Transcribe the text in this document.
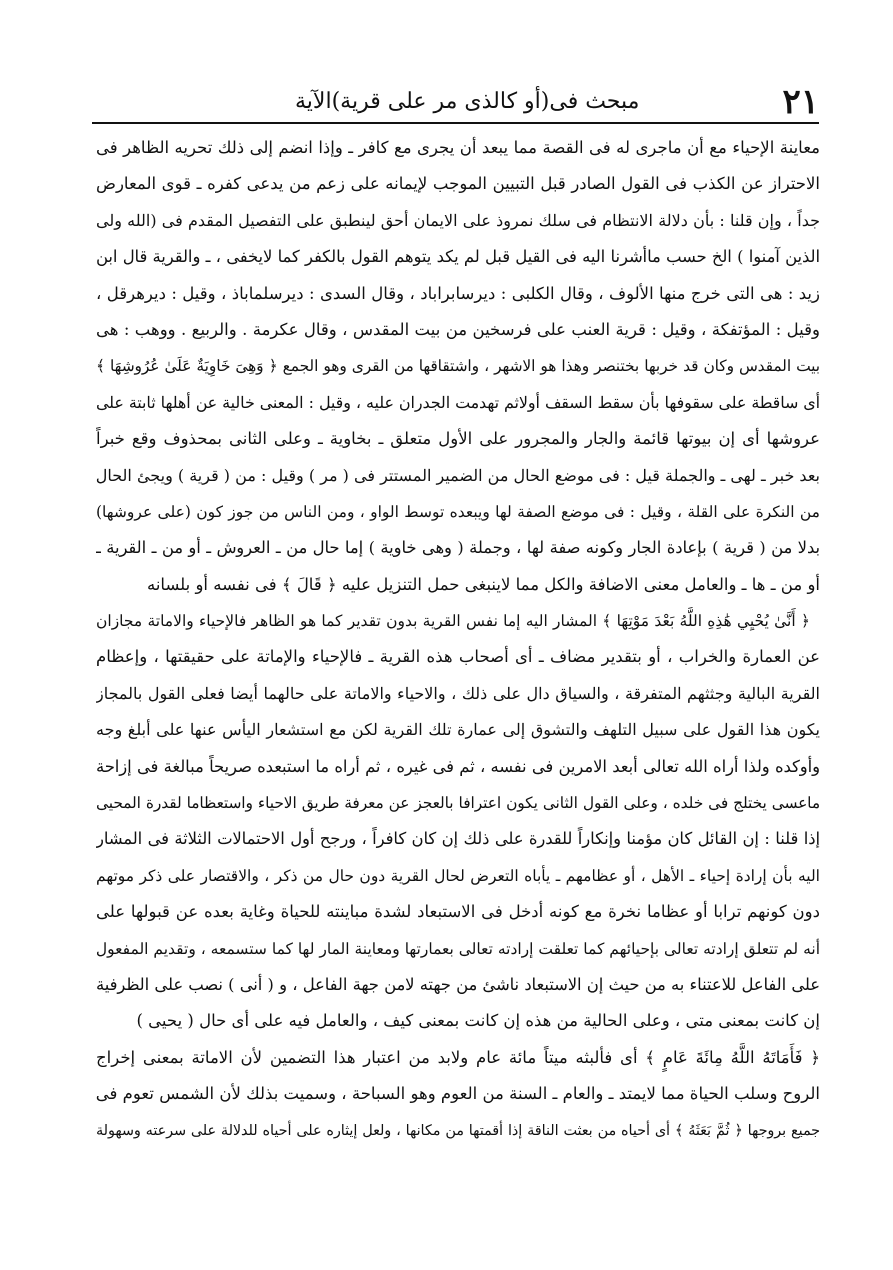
٢١
مبحث فى(أو كالذى مر على قرية)الآية
معاينة الإحياء مع أن ماجرى له فى القصة مما يبعد أن يجرى مع كافر ـ وإذا انضم إلى ذلك تحريه الظاهر فى
الاحتراز عن الكذب فى القول الصادر قبل التبيين الموجب لإيمانه على زعم من يدعى كفره ـ قوى المعارض
جداً ، وإن قلنا : بأن دلالة الانتظام فى سلك نمروذ على الايمان أحق لينطبق على التفصيل المقدم فى (الله ولى
الذين آمنوا ) الخ حسب ماأشرنا اليه فى القيل قبل لم يكد يتوهم القول بالكفر كما لايخفى ، ـ والقرية قال ابن
زيد : هى التى خرج منها الألوف ، وقال الكلبى : ديرسابراباد ، وقال السدى : ديرسلماباذ ، وقيل : ديرهرقل ،
وقيل : المؤتفكة ، وقيل : قرية العنب على فرسخين من بيت المقدس ، وقال عكرمة . والربيع . ووهب : هى
بيت المقدس وكان قد خربها بختنصر وهذا هو الاشهر ، واشتقاقها من القرى وهو الجمع ﴿ وَهِىَ خَاوِيَةٌ عَلَىٰ عُرُوشِهَا ﴾
أى ساقطة على سقوفها بأن سقط السقف أولاثم تهدمت الجدران عليه ، وقيل : المعنى خالية عن أهلها ثابتة على
عروشها أى إن بيوتها قائمة والجار والمجرور على الأول متعلق ـ بخاوية ـ وعلى الثانى بمحذوف وقع خبراً
بعد خبر ـ لهى ـ والجملة قيل : فى موضع الحال من الضمير المستتر فى ( مر ) وقيل : من ( قرية ) ويجئ الحال
من النكرة على القلة ، وقيل : فى موضع الصفة لها ويبعده توسط الواو ، ومن الناس من جوز كون (على عروشها)
بدلا من ( قرية ) بإعادة الجار وكونه صفة لها ، وجملة ( وهى خاوية ) إما حال من ـ العروش ـ أو من ـ القرية ـ
أو من ـ ها ـ والعامل معنى الاضافة والكل مما لاينبغى حمل التنزيل عليه ﴿ قَالَ ﴾ فى نفسه أو بلسانه
﴿ أَنَّىٰ يُحْيِي هَٰذِهِ اللَّهُ بَعْدَ مَوْتِهَا ﴾ المشار اليه إما نفس القرية بدون تقدير كما هو الظاهر فالإحياء والاماتة مجازان
عن العمارة والخراب ، أو بتقدير مضاف ـ أى أصحاب هذه القرية ـ فالإحياء والإماتة على حقيقتها ، وإعظام
القرية البالية وجثثهم المتفرقة ، والسياق دال على ذلك ، والاحياء والاماتة على حالهما أيضا فعلى القول بالمجاز
يكون هذا القول على سبيل التلهف والتشوق إلى عمارة تلك القرية لكن مع استشعار اليأس عنها على أبلغ وجه
وأوكده ولذا أراه الله تعالى أبعد الامرين فى نفسه ، ثم فى غيره ، ثم أراه ما استبعده صريحاً مبالغة فى إزاحة
ماعسى يختلج فى خلده ، وعلى القول الثانى يكون اعترافا بالعجز عن معرفة طريق الاحياء واستعظاما لقدرة المحيى
إذا قلنا : إن القائل كان مؤمنا وإنكاراً للقدرة على ذلك إن كان كافراً ، ورجح أول الاحتمالات الثلاثة فى المشار
اليه بأن إرادة إحياء ـ الأهل ، أو عظامهم ـ يأباه التعرض لحال القرية دون حال من ذكر ، والاقتصار على ذكر موتهم
دون كونهم ترابا أو عظاما نخرة مع كونه أدخل فى الاستبعاد لشدة مباينته للحياة وغاية بعده عن قبولها على
أنه لم تتعلق إرادته تعالى بإحيائهم كما تعلقت إرادته تعالى بعمارتها ومعاينة المار لها كما ستسمعه ، وتقديم المفعول
على الفاعل للاعتناء به من حيث إن الاستبعاد ناشئ من جهته لامن جهة الفاعل ، و ( أنى ) نصب على الظرفية
إن كانت بمعنى متى ، وعلى الحالية من هذه إن كانت بمعنى كيف ، والعامل فيه على أى حال ( يحيى )
﴿ فَأَمَاتَهُ اللَّهُ مِائَةَ عَامٍ ﴾ أى فألبثه ميتاً مائة عام ولابد من اعتبار هذا التضمين لأن الاماتة بمعنى إخراج
الروح وسلب الحياة مما لايمتد ـ والعام ـ السنة من العوم وهو السباحة ، وسميت بذلك لأن الشمس تعوم فى
جميع بروجها ﴿ ثُمَّ بَعَثَهُ ﴾ أى أحياه من بعثت الناقة إذا أقمتها من مكانها ، ولعل إيثاره على أحياه للدلالة على سرعته وسهولة
